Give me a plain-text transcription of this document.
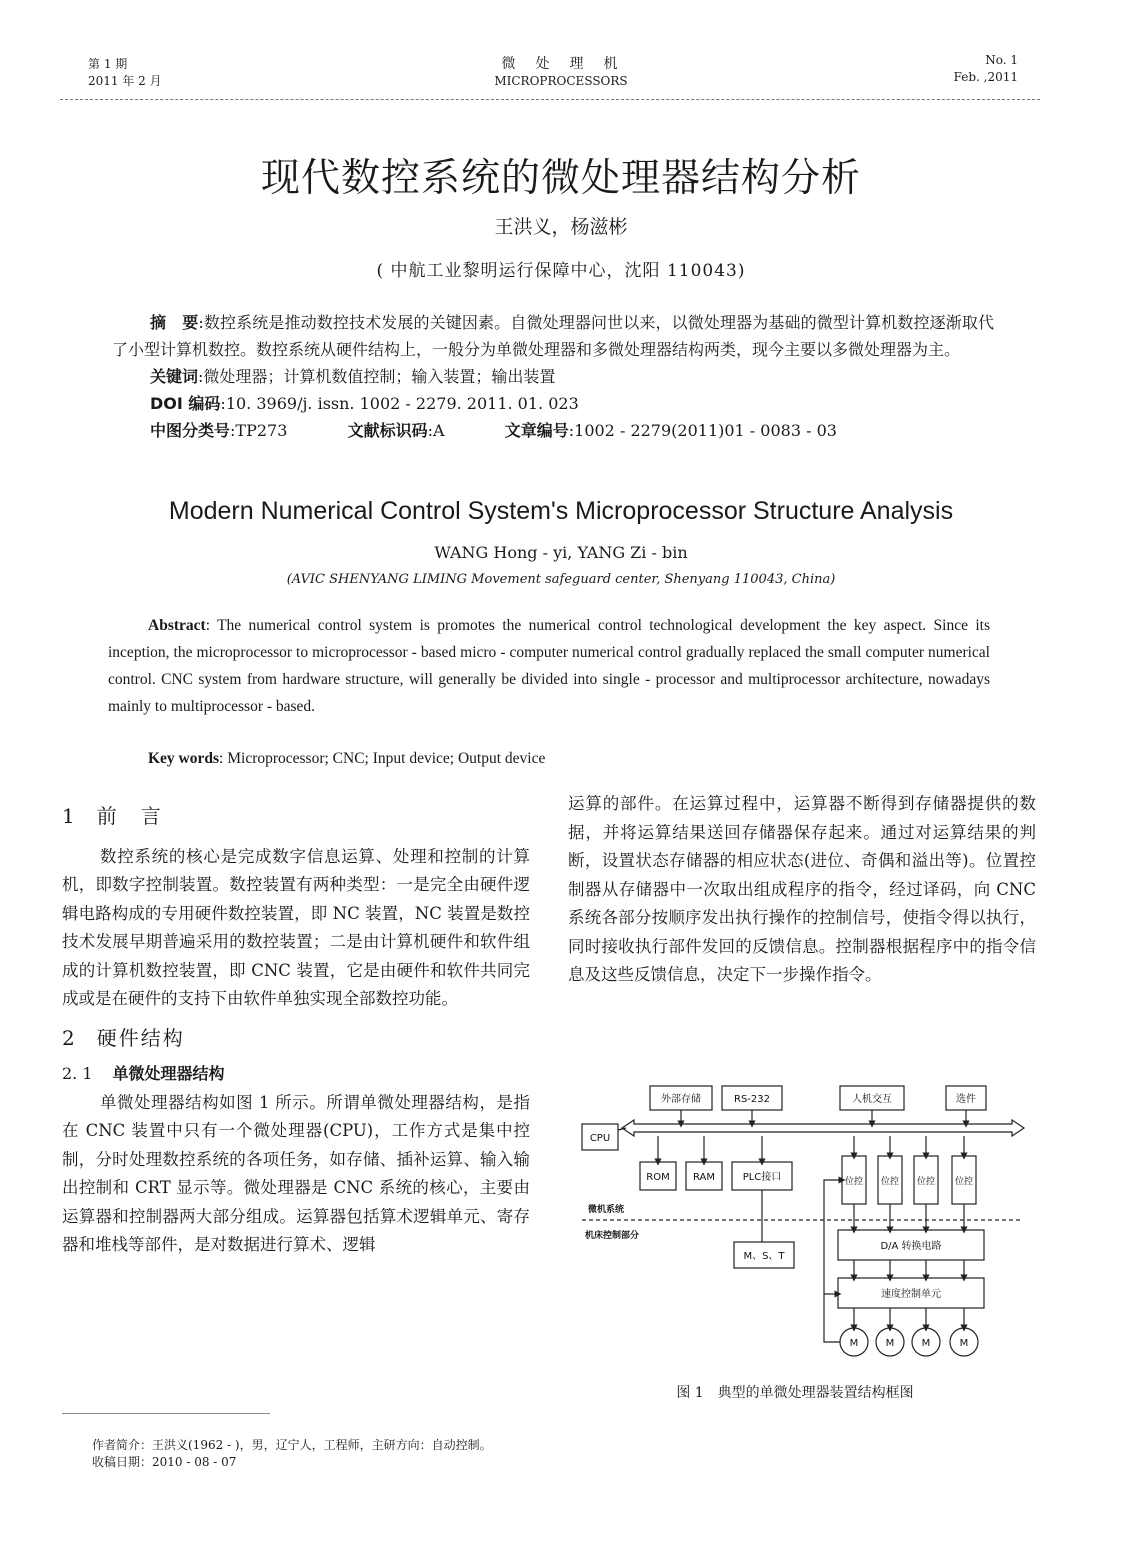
第 1 期
2011 年 2 月
微　处　理　机
MICROPROCESSORS
No. 1
Feb. ,2011
现代数控系统的微处理器结构分析
王洪义，杨滋彬
( 中航工业黎明运行保障中心，沈阳 110043)
摘　要:数控系统是推动数控技术发展的关键因素。自微处理器问世以来，以微处理器为基础的微型计算机数控逐渐取代了小型计算机数控。数控系统从硬件结构上，一般分为单微处理器和多微处理器结构两类，现今主要以多微处理器为主。
关键词:微处理器；计算机数值控制；输入装置；输出装置
DOI 编码:10. 3969/j. issn. 1002 - 2279. 2011. 01. 023
中图分类号:TP273	文献标识码:A	文章编号:1002 - 2279(2011)01 - 0083 - 03
Modern Numerical Control System's Microprocessor Structure Analysis
WANG Hong - yi, YANG Zi - bin
(AVIC SHENYANG LIMING Movement safeguard center, Shenyang 110043, China)
Abstract: The numerical control system is promotes the numerical control technological development the key aspect. Since its inception, the microprocessor to microprocessor - based micro - computer numerical control gradually replaced the small computer numerical control. CNC system from hardware structure, will generally be divided into single - processor and multiprocessor architecture, nowadays mainly to multiprocessor - based.
Key words: Microprocessor; CNC; Input device; Output device
1 前　言
数控系统的核心是完成数字信息运算、处理和控制的计算机，即数字控制装置。数控装置有两种类型：一是完全由硬件逻辑电路构成的专用硬件数控装置，即 NC 装置，NC 装置是数控技术发展早期普遍采用的数控装置；二是由计算机硬件和软件组成的计算机数控装置，即 CNC 装置，它是由硬件和软件共同完成或是在硬件的支持下由软件单独实现全部数控功能。
2 硬件结构
2. 1 单微处理器结构
单微处理器结构如图 1 所示。所谓单微处理器结构，是指在 CNC 装置中只有一个微处理器(CPU)，工作方式是集中控制，分时处理数控系统的各项任务，如存储、插补运算、输入输出控制和 CRT 显示等。微处理器是 CNC 系统的核心，主要由运算器和控制器两大部分组成。运算器包括算术逻辑单元、寄存器和堆栈等部件，是对数据进行算术、逻辑
运算的部件。在运算过程中，运算器不断得到存储器提供的数据，并将运算结果送回存储器保存起来。通过对运算结果的判断，设置状态存储器的相应状态(进位、奇偶和溢出等)。位置控制器从存储器中一次取出组成程序的指令，经过译码，向 CNC 系统各部分按顺序发出执行操作的控制信号，使指令得以执行，同时接收执行部件发回的反馈信息。控制器根据程序中的指令信息及这些反馈信息，决定下一步操作指令。
外部存储	RS-232	人机交互	选件
CPU
ROM RAM	PLC接口	位控 位控 位控 位控
微机系统
机床控制部分
M、S、T
D/A 转换电路
速度控制单元
M	M	M	M
图 1 典型的单微处理器装置结构框图
作者简介：王洪义(1962 - )，男，辽宁人，工程师，主研方向：自动控制。
收稿日期：2010 - 08 - 07
